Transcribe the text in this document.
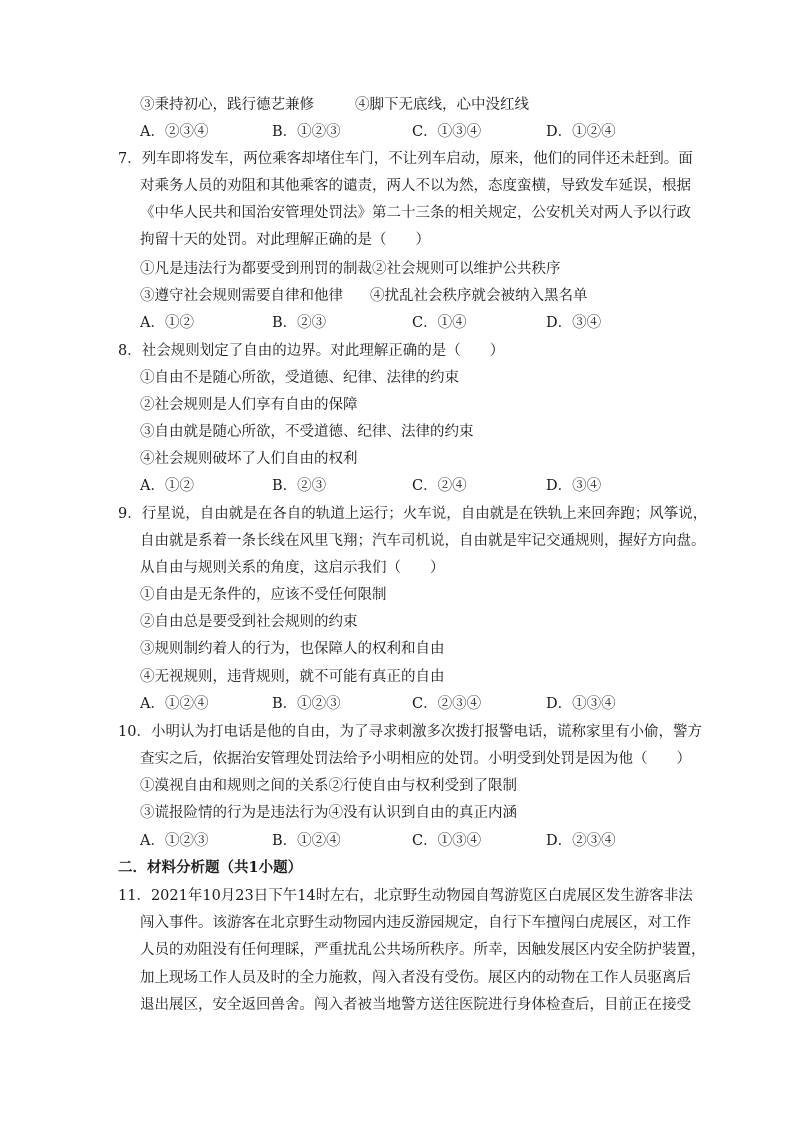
③秉持初心，践行德艺兼修	④脚下无底线，心中没红线
A．②③④	B．①②③	C．①③④	D．①②④
7．列车即将发车，两位乘客却堵住车门，不让列车启动，原来，他们的同伴还未赶到。面
对乘务人员的劝阻和其他乘客的谴责，两人不以为然，态度蛮横，导致发车延误，根据
《中华人民共和国治安管理处罚法》第二十三条的相关规定，公安机关对两人予以行政
拘留十天的处罚。对此理解正确的是（　　）
①凡是违法行为都要受到刑罚的制裁②社会规则可以维护公共秩序
③遵守社会规则需要自律和他律 ④扰乱社会秩序就会被纳入黑名单
A．①②	B．②③	C．①④	D．③④
8．社会规则划定了自由的边界。对此理解正确的是（　　）
①自由不是随心所欲，受道德、纪律、法律的约束
②社会规则是人们享有自由的保障
③自由就是随心所欲，不受道德、纪律、法律的约束
④社会规则破坏了人们自由的权利
A．①②	B．②③	C．②④	D．③④
9．行星说，自由就是在各自的轨道上运行；火车说，自由就是在铁轨上来回奔跑；风筝说，
自由就是系着一条长线在风里飞翔；汽车司机说，自由就是牢记交通规则，握好方向盘。
从自由与规则关系的角度，这启示我们（　　）
①自由是无条件的，应该不受任何限制
②自由总是要受到社会规则的约束
③规则制约着人的行为，也保障人的权利和自由
④无视规则，违背规则，就不可能有真正的自由
A．①②④	B．①②③	C．②③④	D．①③④
10．小明认为打电话是他的自由，为了寻求刺激多次拨打报警电话，谎称家里有小偷，警方
查实之后，依据治安管理处罚法给予小明相应的处罚。小明受到处罚是因为他（　　）
①漠视自由和规则之间的关系②行使自由与权利受到了限制
③谎报险情的行为是违法行为④没有认识到自由的真正内涵
A．①②③	B．①②④	C．①③④	D．②③④
二．材料分析题（共1小题）
11．2021年10月23日下午14时左右，北京野生动物园自驾游览区白虎展区发生游客非法
闯入事件。该游客在北京野生动物园内违反游园规定，自行下车擅闯白虎展区，对工作
人员的劝阻没有任何理睬，严重扰乱公共场所秩序。所幸，因触发展区内安全防护装置，
加上现场工作人员及时的全力施救，闯入者没有受伤。展区内的动物在工作人员驱离后
退出展区，安全返回兽舍。闯入者被当地警方送往医院进行身体检查后，目前正在接受
